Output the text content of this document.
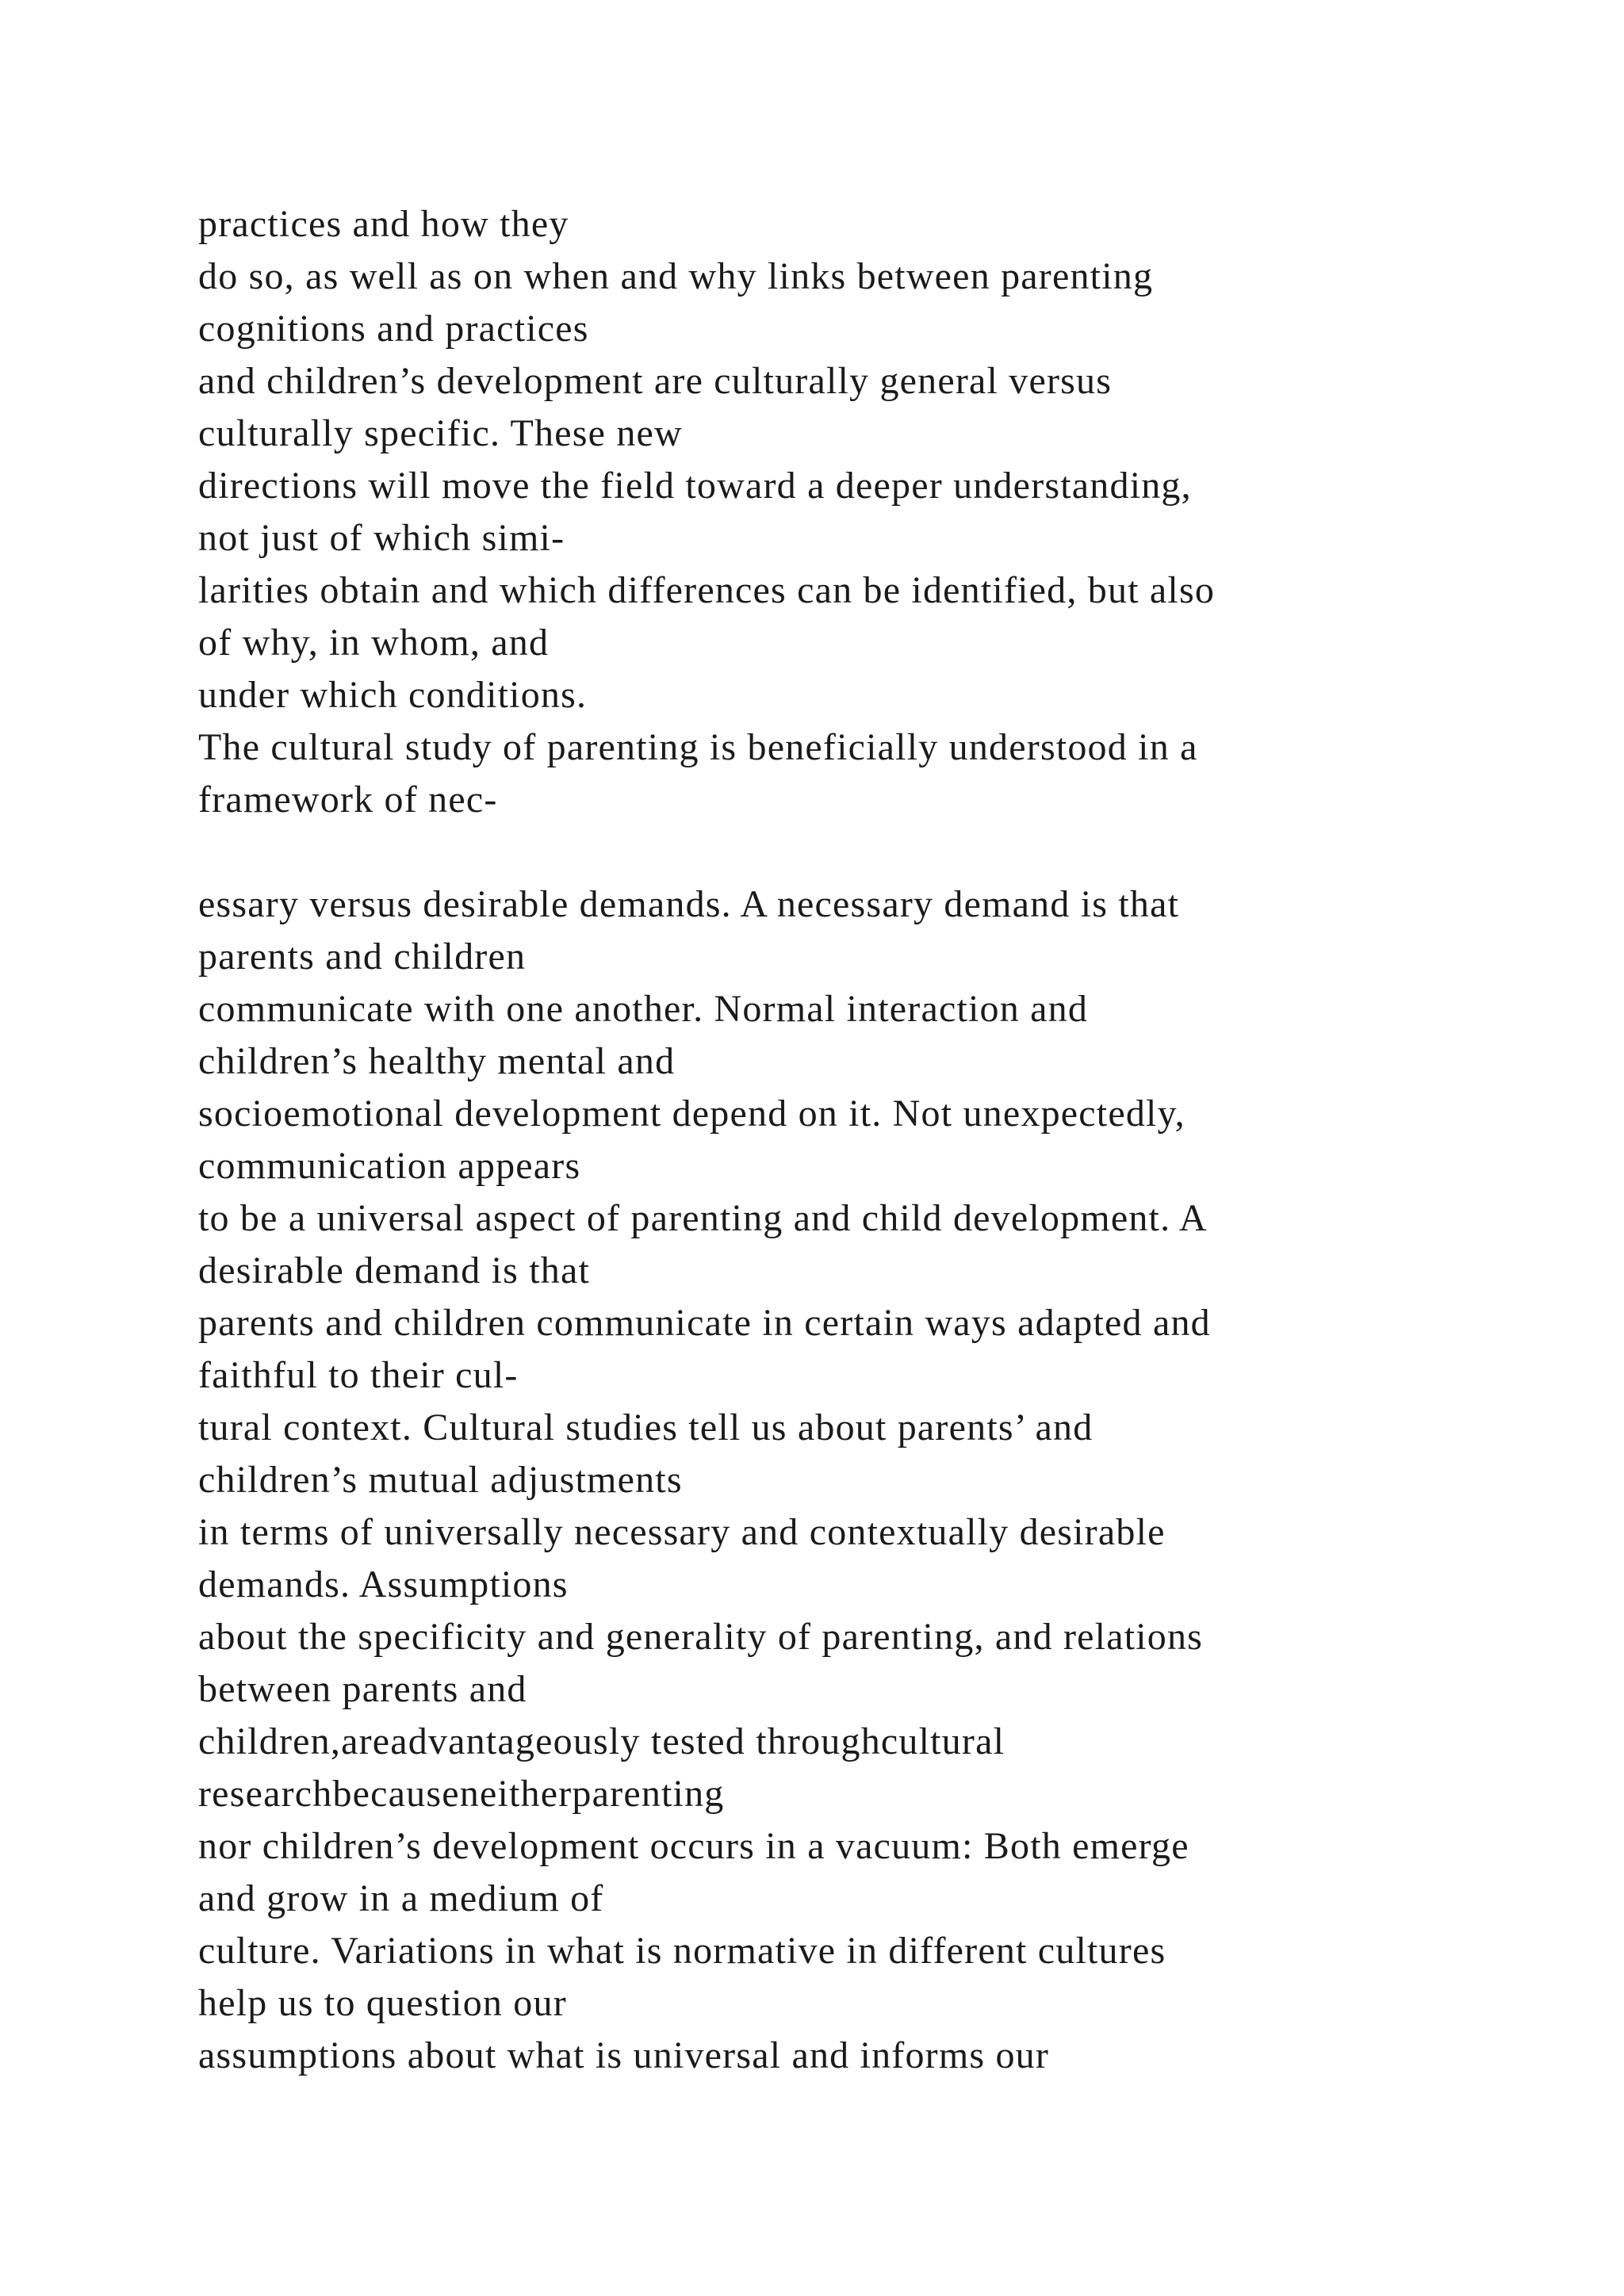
practices and how they
do so, as well as on when and why links between parenting
cognitions and practices
and children’s development are culturally general versus
culturally specific. These new
directions will move the field toward a deeper understanding,
not just of which simi-
larities obtain and which differences can be identified, but also
of why, in whom, and
under which conditions.
The cultural study of parenting is beneficially understood in a
framework of nec-
essary versus desirable demands. A necessary demand is that
parents and children
communicate with one another. Normal interaction and
children’s healthy mental and
socioemotional development depend on it. Not unexpectedly,
communication appears
to be a universal aspect of parenting and child development. A
desirable demand is that
parents and children communicate in certain ways adapted and
faithful to their cul-
tural context. Cultural studies tell us about parents’ and
children’s mutual adjustments
in terms of universally necessary and contextually desirable
demands. Assumptions
about the specificity and generality of parenting, and relations
between parents and
children,areadvantageously tested throughcultural
researchbecauseneitherparenting
nor children’s development occurs in a vacuum: Both emerge
and grow in a medium of
culture. Variations in what is normative in different cultures
help us to question our
assumptions about what is universal and informs our
